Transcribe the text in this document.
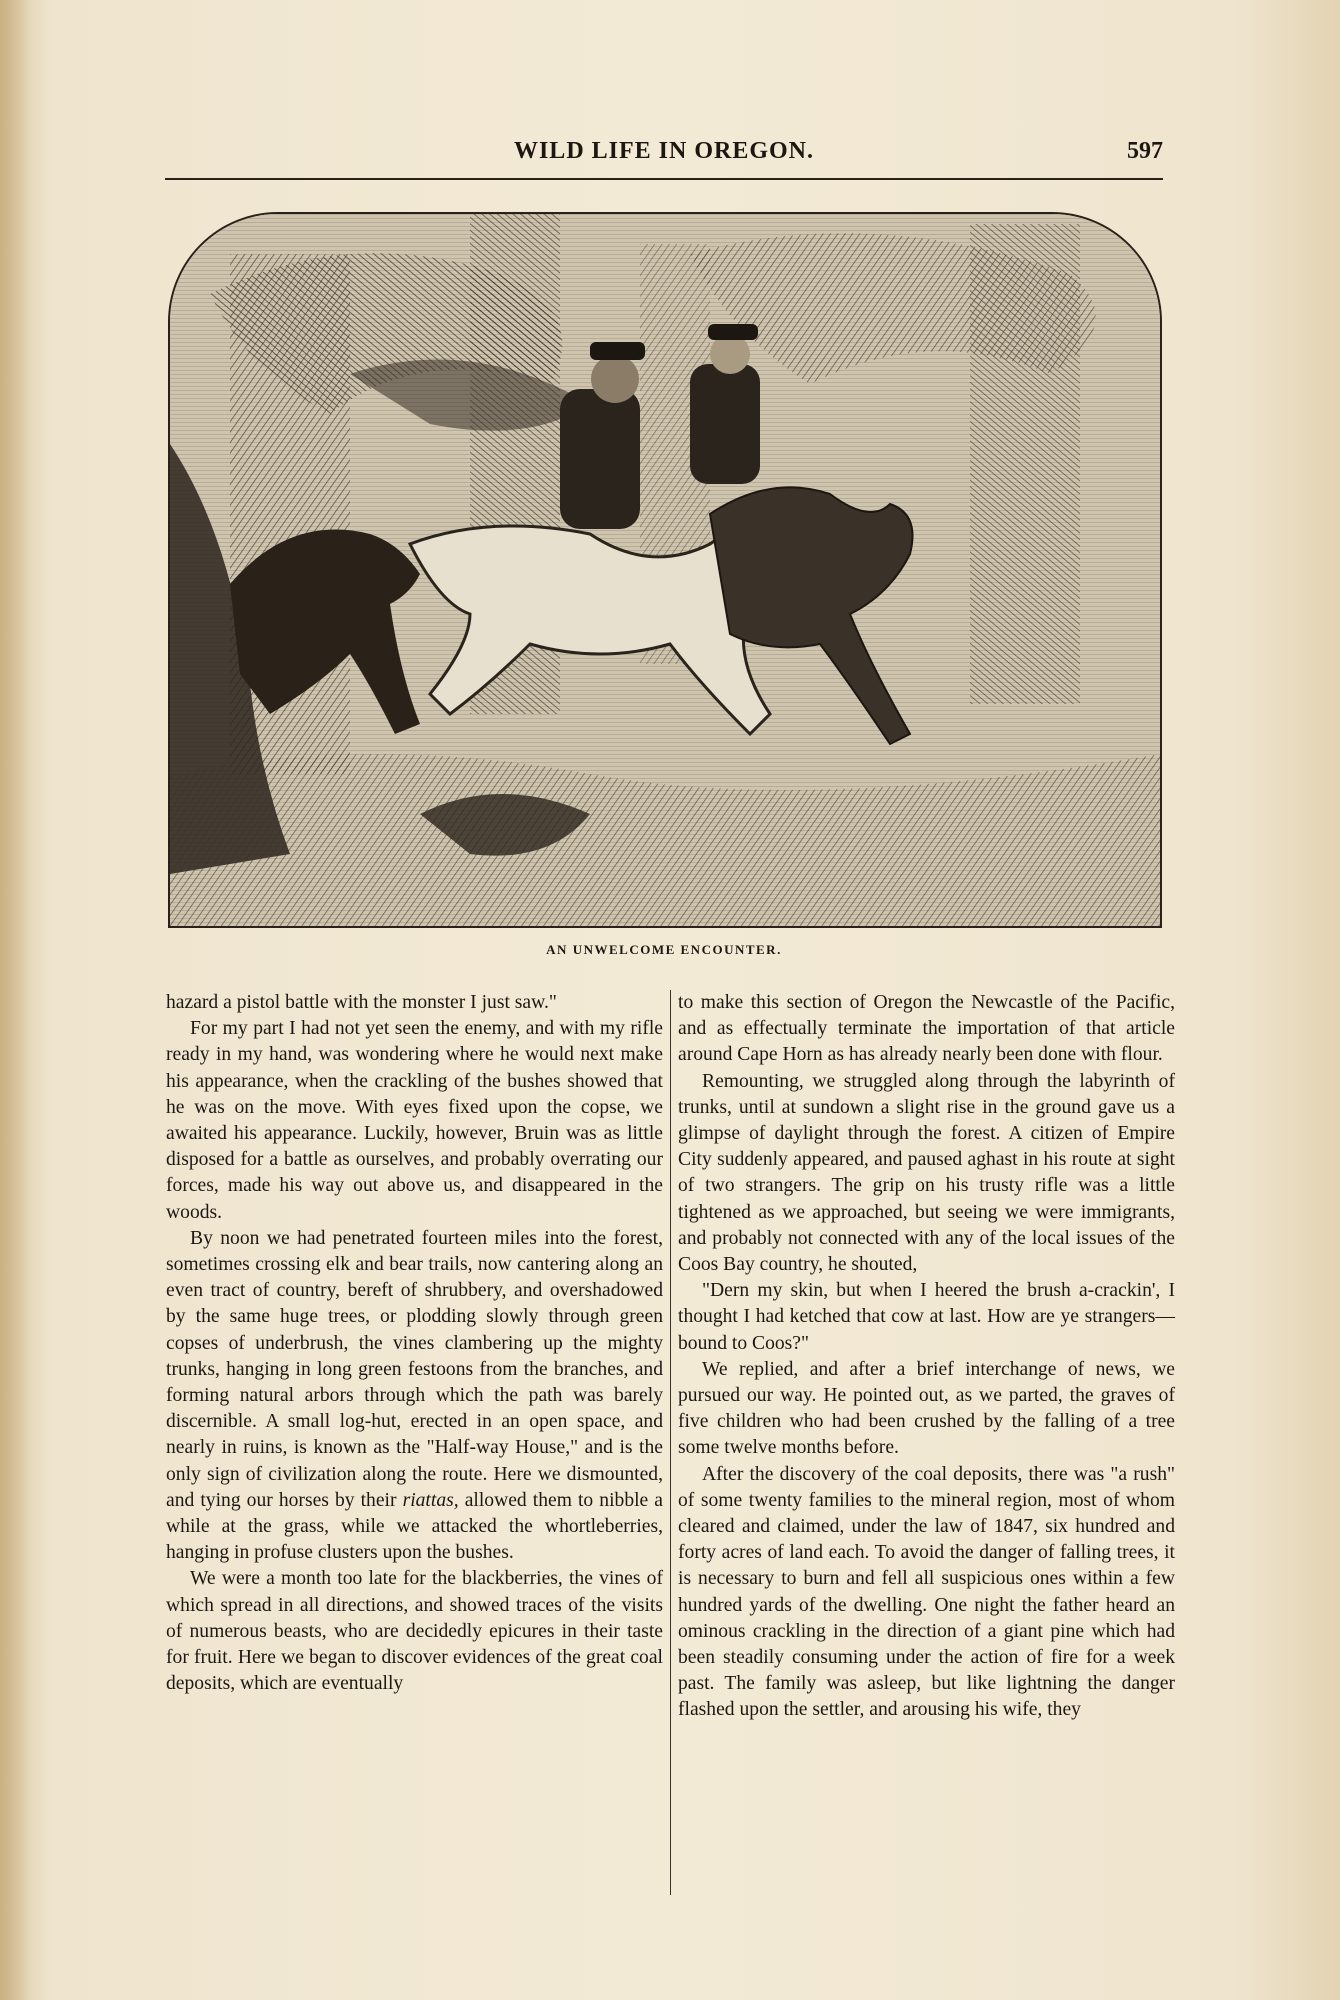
WILD LIFE IN OREGON.	597
AN UNWELCOME ENCOUNTER.

hazard a pistol battle with the monster I just saw."

For my part I had not yet seen the enemy, and with my rifle ready in my hand, was wondering where he would next make his appearance, when the crackling of the bushes showed that he was on the move. With eyes fixed upon the copse, we awaited his appearance. Luckily, however, Bruin was as little disposed for a battle as ourselves, and probably overrating our forces, made his way out above us, and disappeared in the woods.

By noon we had penetrated fourteen miles into the forest, sometimes crossing elk and bear trails, now cantering along an even tract of country, bereft of shrubbery, and overshadowed by the same huge trees, or plodding slowly through green copses of underbrush, the vines clambering up the mighty trunks, hanging in long green festoons from the branches, and forming natural arbors through which the path was barely discernible. A small log-hut, erected in an open space, and nearly in ruins, is known as the "Half-way House," and is the only sign of civilization along the route. Here we dismounted, and tying our horses by their riattas, allowed them to nibble a while at the grass, while we attacked the whortleberries, hanging in profuse clusters upon the bushes.

We were a month too late for the blackberries, the vines of which spread in all directions, and showed traces of the visits of numerous beasts, who are decidedly epicures in their taste for fruit. Here we began to discover evidences of the great coal deposits, which are eventually

to make this section of Oregon the Newcastle of the Pacific, and as effectually terminate the importation of that article around Cape Horn as has already nearly been done with flour.

Remounting, we struggled along through the labyrinth of trunks, until at sundown a slight rise in the ground gave us a glimpse of daylight through the forest. A citizen of Empire City suddenly appeared, and paused aghast in his route at sight of two strangers. The grip on his trusty rifle was a little tightened as we approached, but seeing we were immigrants, and probably not connected with any of the local issues of the Coos Bay country, he shouted,

"Dern my skin, but when I heered the brush a-crackin', I thought I had ketched that cow at last. How are ye strangers—bound to Coos?"

We replied, and after a brief interchange of news, we pursued our way. He pointed out, as we parted, the graves of five children who had been crushed by the falling of a tree some twelve months before.

After the discovery of the coal deposits, there was "a rush" of some twenty families to the mineral region, most of whom cleared and claimed, under the law of 1847, six hundred and forty acres of land each. To avoid the danger of falling trees, it is necessary to burn and fell all suspicious ones within a few hundred yards of the dwelling. One night the father heard an ominous crackling in the direction of a giant pine which had been steadily consuming under the action of fire for a week past. The family was asleep, but like lightning the danger flashed upon the settler, and arousing his wife, they
